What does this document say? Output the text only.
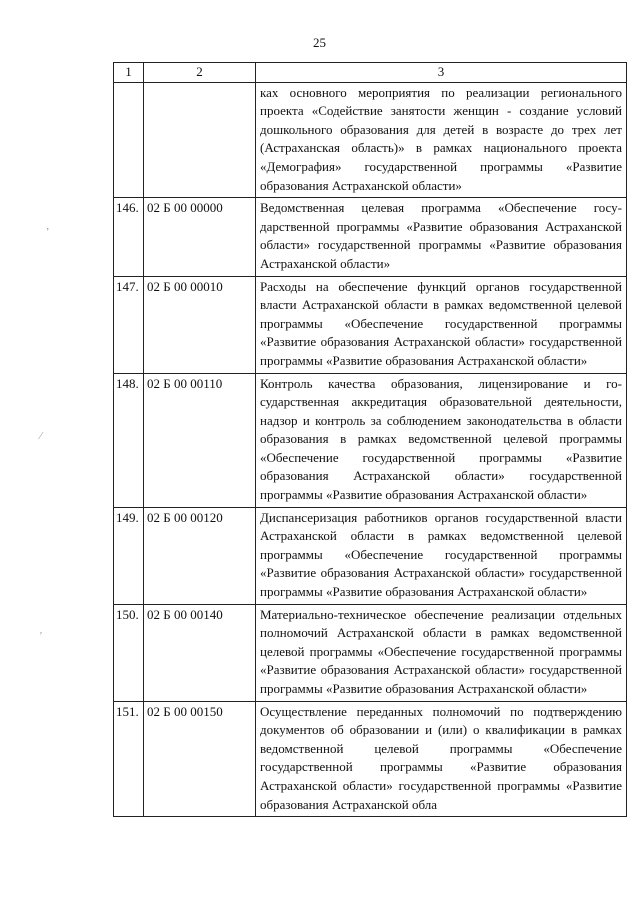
25
’
⁄
′
1	2	3
		ках основного мероприятия по реализации регионального проекта «Содействие занятости женщин - создание условий дошкольного образования для детей в возрасте до трех лет (Астраханская область)» в рамках национального проекта «Демография» государственной программы «Развитие образования Астраханской области»
146.	02 Б 00 00000	Ведомственная целевая программа «Обеспечение государственной программы «Развитие образования Астраханской области» государственной программы «Развитие образования Астраханской области»
147.	02 Б 00 00010	Расходы на обеспечение функций органов государственной власти Астраханской области в рамках ведомственной целевой программы «Обеспечение государственной программы «Развитие образования Астраханской области» государственной программы «Развитие образования Астраханской области»
148.	02 Б 00 00110	Контроль качества образования, лицензирование и государственная аккредитация образовательной деятельности, надзор и контроль за соблюдением законодательства в области образования в рамках ведомственной целевой программы «Обеспечение государственной программы «Развитие образования Астраханской области» государственной программы «Развитие образования Астраханской области»
149.	02 Б 00 00120	Диспансеризация работников органов государственной власти Астраханской области в рамках ведомственной целевой программы «Обеспечение государственной программы «Развитие образования Астраханской области» государственной программы «Развитие образования Астраханской области»
150.	02 Б 00 00140	Материально-техническое обеспечение реализации отдельных полномочий Астраханской области в рамках ведомственной целевой программы «Обеспечение государственной программы «Развитие образования Астраханской области» государственной программы «Развитие образования Астраханской области»
151.	02 Б 00 00150	Осуществление переданных полномочий по подтверждению документов об образовании и (или) о квалификации в рамках ведомственной целевой программы «Обеспечение государственной программы «Развитие образования Астраханской области» государственной программы «Развитие образования Астраханской обла
